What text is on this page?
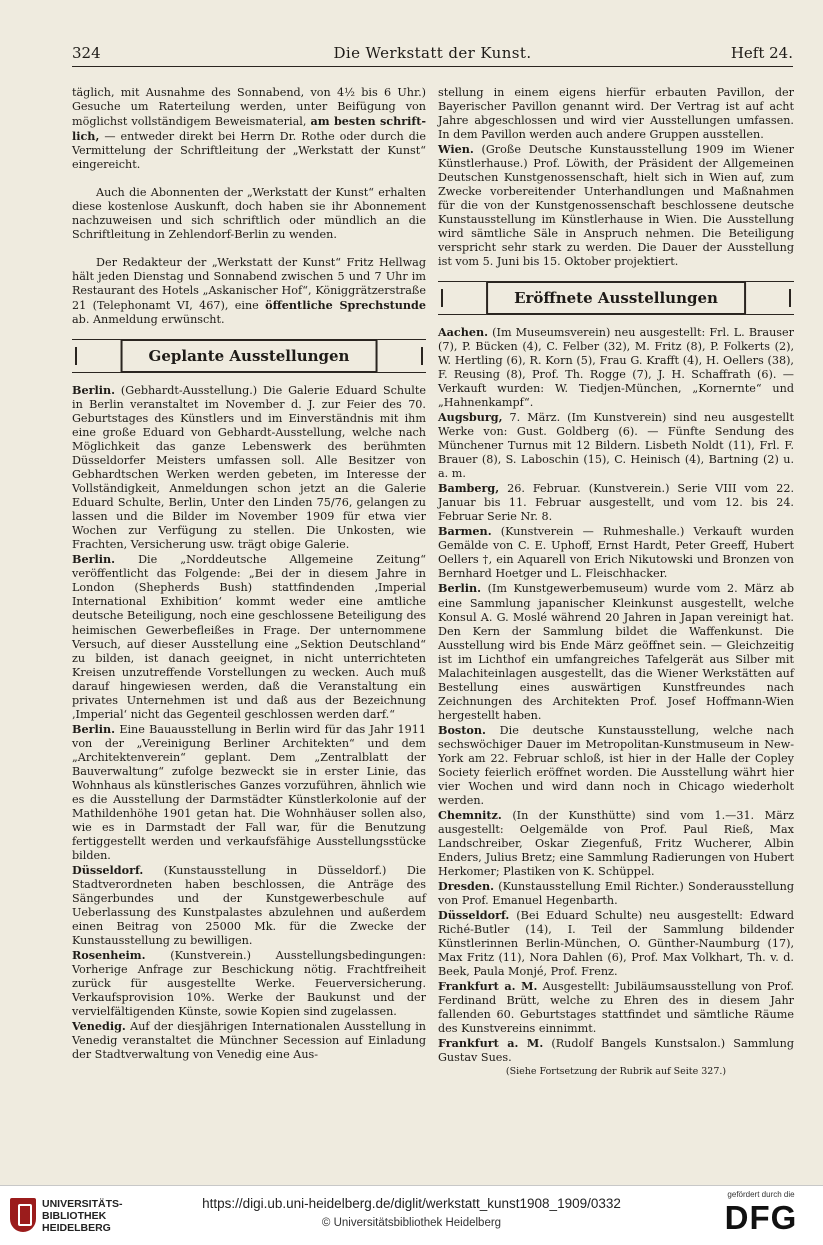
324	Die Werkstatt der Kunst.	Heft 24.

täglich, mit Ausnahme des Sonnabend, von 4½ bis 6 Uhr.) Gesuche um Raterteilung werden, unter Beifügung von möglichst vollständigem Beweismaterial, am besten schrift-lich, — entweder direkt bei Herrn Dr. Rothe oder durch die Vermittelung der Schriftleitung der „Werkstatt der Kunst“ eingereicht.

Auch die Abonnenten der „Werkstatt der Kunst“ erhalten diese kostenlose Auskunft, doch haben sie ihr Abonnement nachzuweisen und sich schriftlich oder mündlich an die Schriftleitung in Zehlendorf-Berlin zu wenden.

Der Redakteur der „Werkstatt der Kunst“ Fritz Hellwag hält jeden Dienstag und Sonnabend zwischen 5 und 7 Uhr im Restaurant des Hotels „Askanischer Hof“, Königgrätzerstraße 21 (Telephonamt VI, 467), eine öffentliche Sprechstunde ab. Anmeldung erwünscht.

Geplante Ausstellungen

Berlin. (Gebhardt-Ausstellung.) Die Galerie Eduard Schulte in Berlin veranstaltet im November d. J. zur Feier des 70. Geburtstages des Künstlers und im Einverständnis mit ihm eine große Eduard von Gebhardt-Ausstellung, welche nach Möglichkeit das ganze Lebenswerk des berühmten Düsseldorfer Meisters umfassen soll. Alle Besitzer von Gebhardtschen Werken werden gebeten, im Interesse der Vollständigkeit, Anmeldungen schon jetzt an die Galerie Eduard Schulte, Berlin, Unter den Linden 75/76, gelangen zu lassen und die Bilder im November 1909 für etwa vier Wochen zur Verfügung zu stellen. Die Unkosten, wie Frachten, Versicherung usw. trägt obige Galerie.

Berlin. Die „Norddeutsche Allgemeine Zeitung“ veröffentlicht das Folgende: „Bei der in diesem Jahre in London (Shepherds Bush) stattfindenden ‚Imperial International Exhibition‘ kommt weder eine amtliche deutsche Beteiligung, noch eine geschlossene Beteiligung des heimischen Gewerbefleißes in Frage. Der unternommene Versuch, auf dieser Ausstellung eine „Sektion Deutschland“ zu bilden, ist danach geeignet, in nicht unterrichteten Kreisen unzutreffende Vorstellungen zu wecken. Auch muß darauf hingewiesen werden, daß die Veranstaltung ein privates Unternehmen ist und daß aus der Bezeichnung ‚Imperial‘ nicht das Gegenteil geschlossen werden darf.“

Berlin. Eine Bauausstellung in Berlin wird für das Jahr 1911 von der „Vereinigung Berliner Architekten“ und dem „Architektenverein“ geplant. Dem „Zentralblatt der Bauverwaltung“ zufolge bezweckt sie in erster Linie, das Wohnhaus als künstlerisches Ganzes vorzuführen, ähnlich wie es die Ausstellung der Darmstädter Künstlerkolonie auf der Mathildenhöhe 1901 getan hat. Die Wohnhäuser sollen also, wie es in Darmstadt der Fall war, für die Benutzung fertiggestellt werden und verkaufsfähige Ausstellungsstücke bilden.

Düsseldorf. (Kunstausstellung in Düsseldorf.) Die Stadtverordneten haben beschlossen, die Anträge des Sängerbundes und der Kunstgewerbeschule auf Ueberlassung des Kunstpalastes abzulehnen und außerdem einen Beitrag von 25000 Mk. für die Zwecke der Kunstausstellung zu bewilligen.

Rosenheim. (Kunstverein.) Ausstellungsbedingungen: Vorherige Anfrage zur Beschickung nötig. Frachtfreiheit zurück für ausgestellte Werke. Feuerversicherung. Verkaufsprovision 10%. Werke der Baukunst und der vervielfältigenden Künste, sowie Kopien sind zugelassen.

Venedig. Auf der diesjährigen Internationalen Ausstellung in Venedig veranstaltet die Münchner Secession auf Einladung der Stadtverwaltung von Venedig eine Aus-

stellung in einem eigens hierfür erbauten Pavillon, der Bayerischer Pavillon genannt wird. Der Vertrag ist auf acht Jahre abgeschlossen und wird vier Ausstellungen umfassen. In dem Pavillon werden auch andere Gruppen ausstellen.

Wien. (Große Deutsche Kunstausstellung 1909 im Wiener Künstlerhause.) Prof. Löwith, der Präsident der Allgemeinen Deutschen Kunstgenossenschaft, hielt sich in Wien auf, zum Zwecke vorbereitender Unterhandlungen und Maßnahmen für die von der Kunstgenossenschaft beschlossene deutsche Kunstausstellung im Künstlerhause in Wien. Die Ausstellung wird sämtliche Säle in Anspruch nehmen. Die Beteiligung verspricht sehr stark zu werden. Die Dauer der Ausstellung ist vom 5. Juni bis 15. Oktober projektiert.

Eröffnete Ausstellungen

Aachen. (Im Museumsverein) neu ausgestellt: Frl. L. Brauser (7), P. Bücken (4), C. Felber (32), M. Fritz (8), P. Folkerts (2), W. Hertling (6), R. Korn (5), Frau G. Krafft (4), H. Oellers (38), F. Reusing (8), Prof. Th. Rogge (7), J. H. Schaffrath (6). — Verkauft wurden: W. Tiedjen-München, „Kornernte“ und „Hahnenkampf“.

Augsburg, 7. März. (Im Kunstverein) sind neu ausgestellt Werke von: Gust. Goldberg (6). — Fünfte Sendung des Münchener Turnus mit 12 Bildern. Lisbeth Noldt (11), Frl. F. Brauer (8), S. Laboschin (15), C. Heinisch (4), Bartning (2) u. a. m.

Bamberg, 26. Februar. (Kunstverein.) Serie VIII vom 22. Januar bis 11. Februar ausgestellt, und vom 12. bis 24. Februar Serie Nr. 8.

Barmen. (Kunstverein — Ruhmeshalle.) Verkauft wurden Gemälde von C. E. Uphoff, Ernst Hardt, Peter Greeff, Hubert Oellers †, ein Aquarell von Erich Nikutowski und Bronzen von Bernhard Hoetger und L. Fleischhacker.

Berlin. (Im Kunstgewerbemuseum) wurde vom 2. März ab eine Sammlung japanischer Kleinkunst ausgestellt, welche Konsul A. G. Moslé während 20 Jahren in Japan vereinigt hat. Den Kern der Sammlung bildet die Waffenkunst. Die Ausstellung wird bis Ende März geöffnet sein. — Gleichzeitig ist im Lichthof ein umfangreiches Tafelgerät aus Silber mit Malachiteinlagen ausgestellt, das die Wiener Werkstätten auf Bestellung eines auswärtigen Kunstfreundes nach Zeichnungen des Architekten Prof. Josef Hoffmann-Wien hergestellt haben.

Boston. Die deutsche Kunstausstellung, welche nach sechswöchiger Dauer im Metropolitan-Kunstmuseum in New-York am 22. Februar schloß, ist hier in der Halle der Copley Society feierlich eröffnet worden. Die Ausstellung währt hier vier Wochen und wird dann noch in Chicago wiederholt werden.

Chemnitz. (In der Kunsthütte) sind vom 1.—31. März ausgestellt: Oelgemälde von Prof. Paul Rieß, Max Landschreiber, Oskar Ziegenfuß, Fritz Wucherer, Albin Enders, Julius Bretz; eine Sammlung Radierungen von Hubert Herkomer; Plastiken von K. Schüppel.

Dresden. (Kunstausstellung Emil Richter.) Sonderausstellung von Prof. Emanuel Hegenbarth.

Düsseldorf. (Bei Eduard Schulte) neu ausgestellt: Edward Riché-Butler (14), I. Teil der Sammlung bildender Künstlerinnen Berlin-München, O. Günther-Naumburg (17), Max Fritz (11), Nora Dahlen (6), Prof. Max Volkhart, Th. v. d. Beek, Paula Monjé, Prof. Frenz.

Frankfurt a. M. Ausgestellt: Jubiläumsausstellung von Prof. Ferdinand Brütt, welche zu Ehren des in diesem Jahr fallenden 60. Geburtstages stattfindet und sämtliche Räume des Kunstvereins einnimmt.

Frankfurt a. M. (Rudolf Bangels Kunstsalon.) Sammlung Gustav Sues.

(Siehe Fortsetzung der Rubrik auf Seite 327.)

UNIVERSITÄTS-
BIBLIOTHEK
HEIDELBERG
https://digi.ub.uni-heidelberg.de/diglit/werkstatt_kunst1908_1909/0332
© Universitätsbibliothek Heidelberg
gefördert durch die
DFG
